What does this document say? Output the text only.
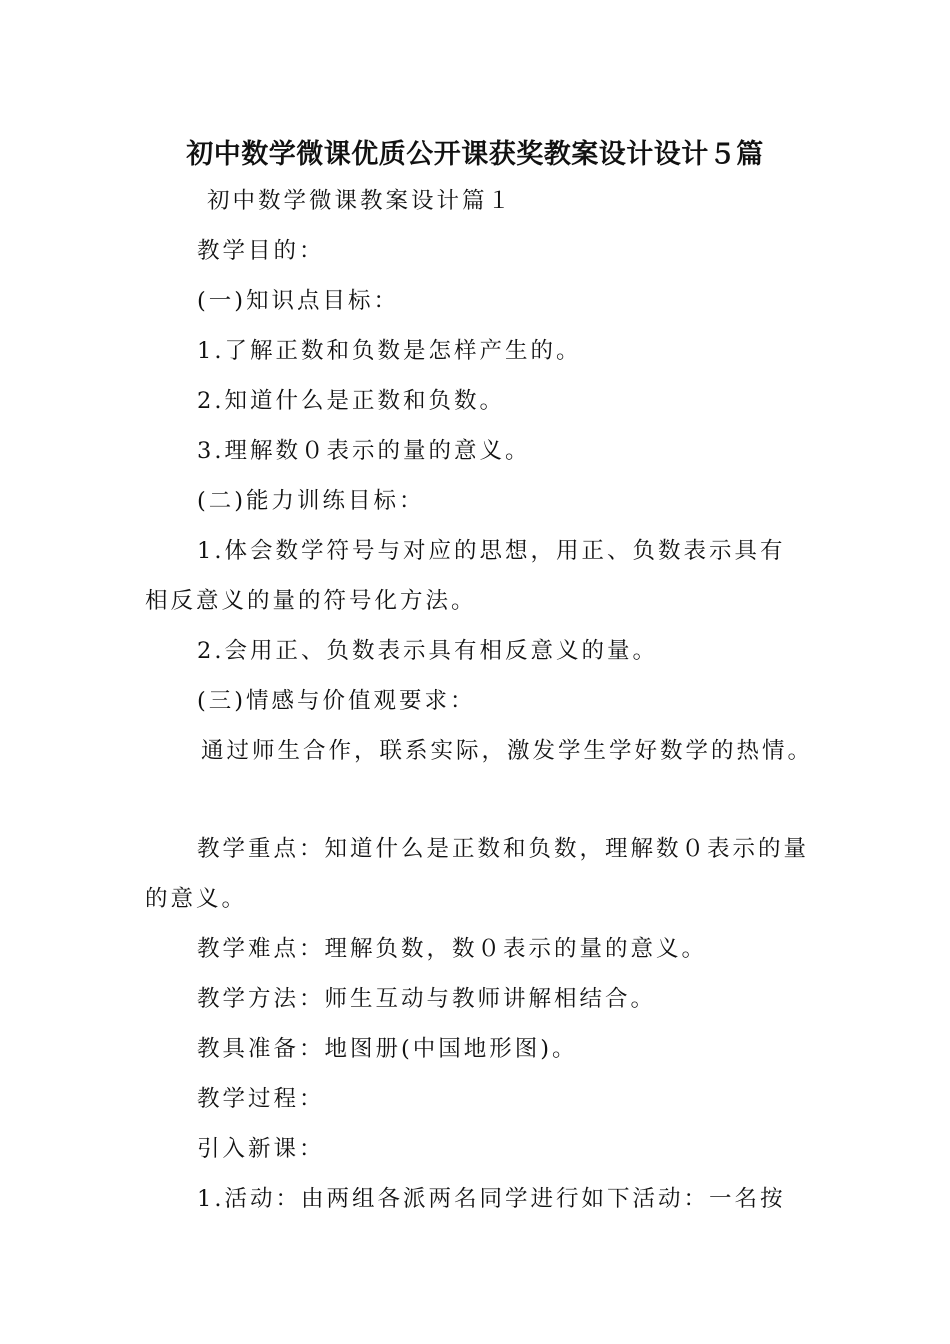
初中数学微课优质公开课获奖教案设计设计５篇
初中数学微课教案设计篇１
教学目的：
(一)知识点目标：
1.了解正数和负数是怎样产生的。
2.知道什么是正数和负数。
3.理解数０表示的量的意义。
(二)能力训练目标：
1.体会数学符号与对应的思想，用正、负数表示具有
相反意义的量的符号化方法。
2.会用正、负数表示具有相反意义的量。
(三)情感与价值观要求：
通过师生合作，联系实际，激发学生学好数学的热情。
教学重点：知道什么是正数和负数，理解数０表示的量
的意义。
教学难点：理解负数，数０表示的量的意义。
教学方法：师生互动与教师讲解相结合。
教具准备：地图册(中国地形图)。
教学过程：
引入新课：
1.活动：由两组各派两名同学进行如下活动：一名按
